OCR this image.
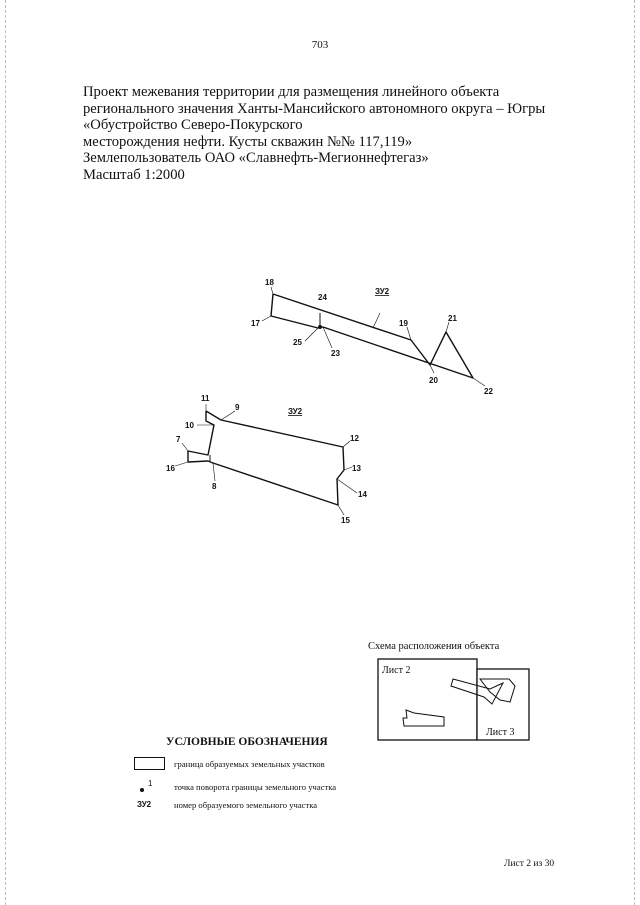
703
Проект межевания территории для размещения линейного объекта
регионального значения Ханты-Мансийского автономного округа – Югры
«Обустройство Северо-Покурского
месторождения нефти. Кусты скважин №№ 117,119»
Землепользователь ОАО «Славнефть-Мегионнефтегаз»
Масштаб 1:2000
18
24
19
21
17
25
23
20
22
ЗУ2
11
9
10
7
16
8
12
13
14
15
ЗУ2
Лист 2
Лист 3
Схема расположения объекта
УСЛОВНЫЕ ОБОЗНАЧЕНИЯ
граница образуемых земельных участков
1	точка поворота границы земельного участка
ЗУ2	номер образуемого земельного участка
Лист 2 из 30
